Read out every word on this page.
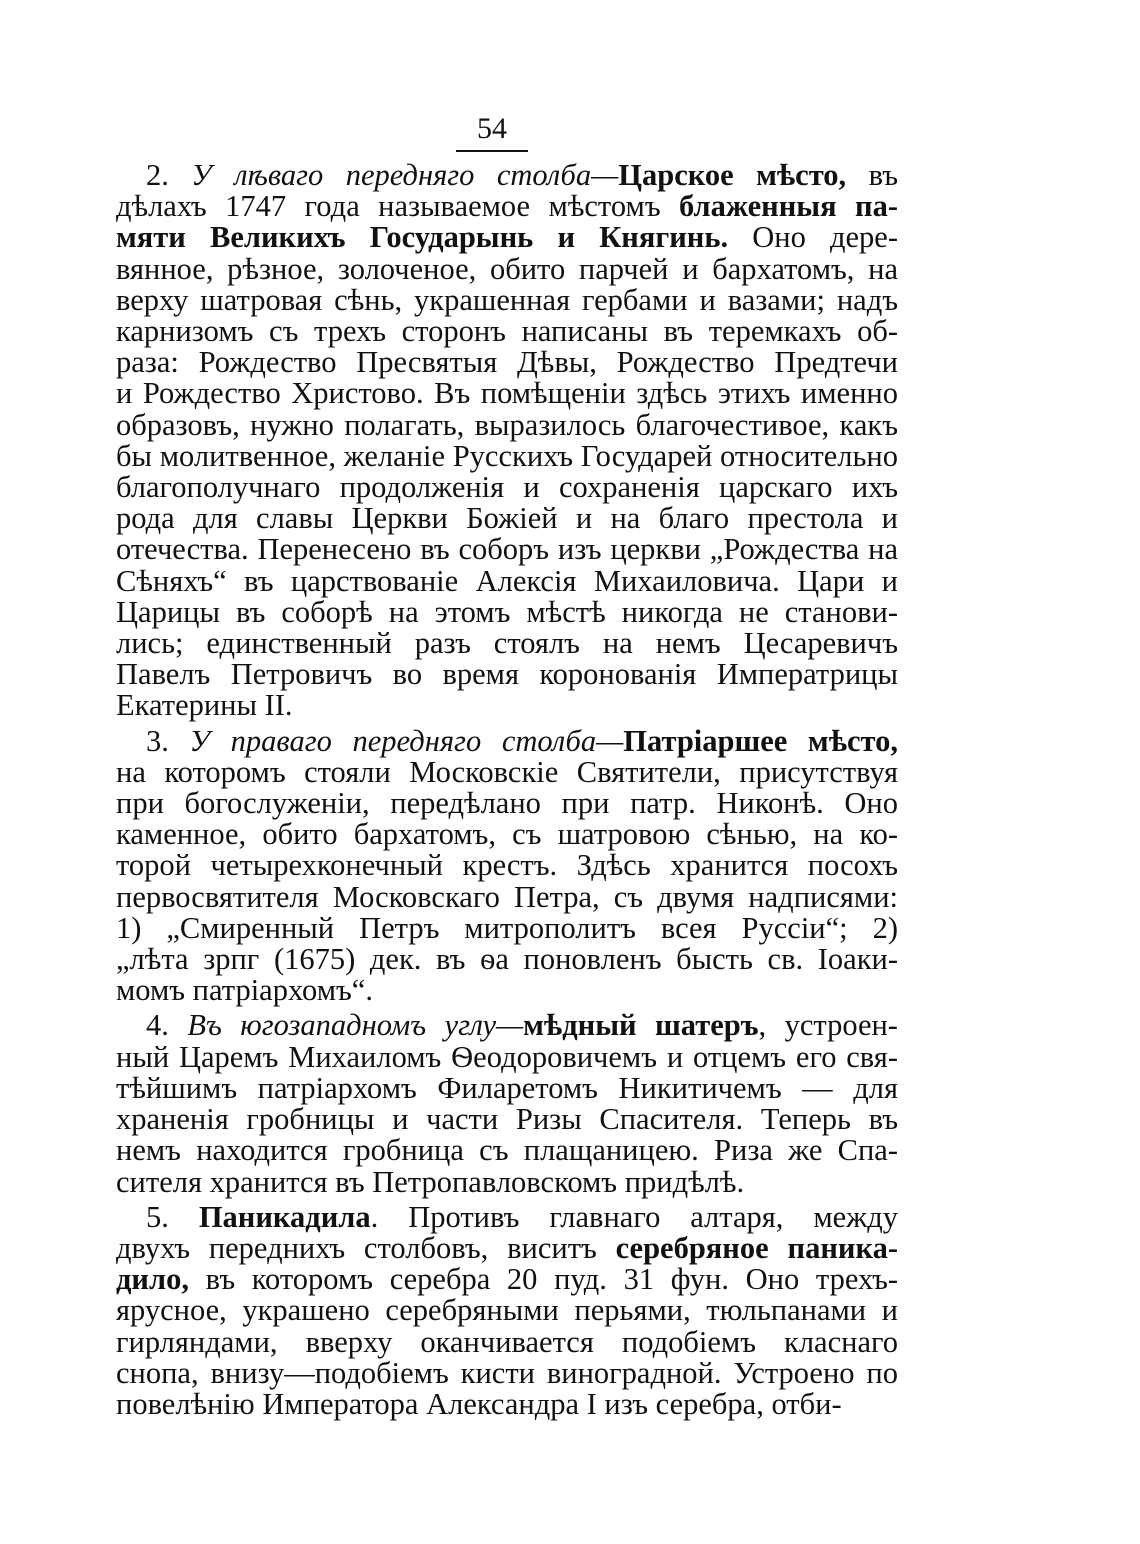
54
2. У лѣваго передняго столба—Царское мѣсто, въ
дѣлахъ 1747 года называемое мѣстомъ блаженныя па-
мяти Великихъ Государынь и Княгинь. Оно дере-
вянное, рѣзное, золоченое, обито парчей и бархатомъ, на
верху шатровая сѣнь, украшенная гербами и вазами; надъ
карнизомъ съ трехъ сторонъ написаны въ теремкахъ об-
раза: Рождество Пресвятыя Дѣвы, Рождество Предтечи
и Рождество Христово. Въ помѣщеніи здѣсь этихъ именно
образовъ, нужно полагать, выразилось благочестивое, какъ
бы молитвенное, желаніе Русскихъ Государей относительно
благополучнаго продолженія и сохраненія царскаго ихъ
рода для славы Церкви Божіей и на благо престола и
отечества. Перенесено въ соборъ изъ церкви „Рождества на
Сѣняхъ“ въ царствованіе Алексія Михаиловича. Цари и
Царицы въ соборѣ на этомъ мѣстѣ никогда не станови-
лись; единственный разъ стоялъ на немъ Цесаревичъ
Павелъ Петровичъ во время коронованія Императрицы
Екатерины II.
3. У праваго передняго столба—Патріаршее мѣсто,
на которомъ стояли Московскіе Святители, присутствуя
при богослуженіи, передѣлано при патр. Никонѣ. Оно
каменное, обито бархатомъ, съ шатровою сѣнью, на ко-
торой четырехконечный крестъ. Здѣсь хранится посохъ
первосвятителя Московскаго Петра, съ двумя надписями:
1) „Смиренный Петръ митрополитъ всея Руссіи“; 2)
„лѣта зрпг (1675) дек. въ ѳа поновленъ бысть св. Іоаки-
момъ патріархомъ“.
4. Въ югозападномъ углу—мѣдный шатеръ, устроен-
ный Царемъ Михаиломъ Ѳеодоровичемъ и отцемъ его свя-
тѣйшимъ патріархомъ Филаретомъ Никитичемъ — для
храненія гробницы и части Ризы Спасителя. Теперь въ
немъ находится гробница съ плащаницею. Риза же Спа-
сителя хранится въ Петропавловскомъ придѣлѣ.
5. Паникадила. Противъ главнаго алтаря, между
двухъ переднихъ столбовъ, виситъ серебряное паника-
дило, въ которомъ серебра 20 пуд. 31 фун. Оно трехъ-
ярусное, украшено серебряными перьями, тюльпанами и
гирляндами, вверху оканчивается подобіемъ класнаго
снопа, внизу—подобіемъ кисти виноградной. Устроено по
повелѣнію Императора Александра I изъ серебра, отби-
